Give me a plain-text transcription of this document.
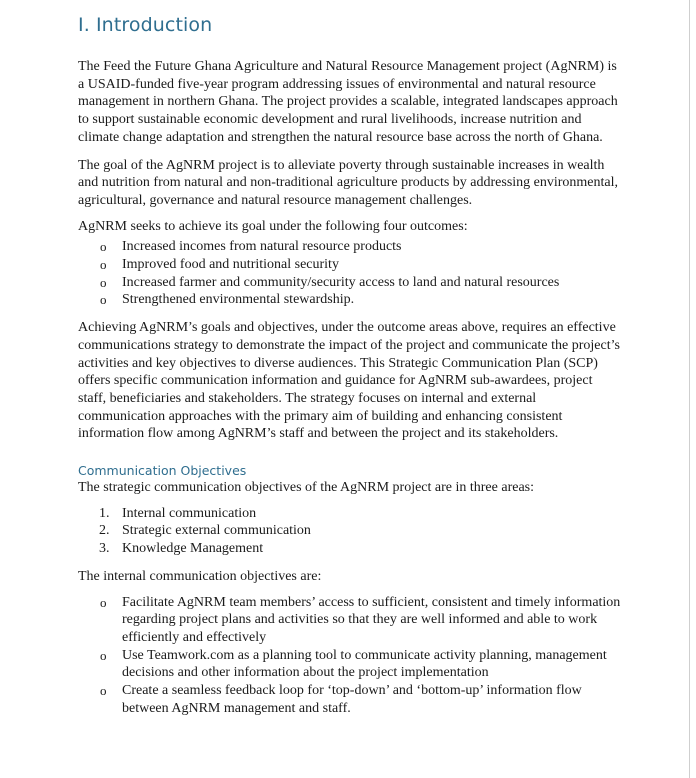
I. Introduction

The Feed the Future Ghana Agriculture and Natural Resource Management project (AgNRM) is a USAID-funded five-year program addressing issues of environmental and natural resource management in northern Ghana. The project provides a scalable, integrated landscapes approach to support sustainable economic development and rural livelihoods, increase nutrition and climate change adaptation and strengthen the natural resource base across the north of Ghana.

The goal of the AgNRM project is to alleviate poverty through sustainable increases in wealth and nutrition from natural and non-traditional agriculture products by addressing environmental, agricultural, governance and natural resource management challenges.

AgNRM seeks to achieve its goal under the following four outcomes:

o Increased incomes from natural resource products
o Improved food and nutritional security
o Increased farmer and community/security access to land and natural resources
o Strengthened environmental stewardship.

Achieving AgNRM’s goals and objectives, under the outcome areas above, requires an effective communications strategy to demonstrate the impact of the project and communicate the project’s activities and key objectives to diverse audiences. This Strategic Communication Plan (SCP) offers specific communication information and guidance for AgNRM sub-awardees, project staff, beneficiaries and stakeholders. The strategy focuses on internal and external communication approaches with the primary aim of building and enhancing consistent information flow among AgNRM’s staff and between the project and its stakeholders.

Communication Objectives

The strategic communication objectives of the AgNRM project are in three areas:

1. Internal communication
2. Strategic external communication
3. Knowledge Management

The internal communication objectives are:

o Facilitate AgNRM team members’ access to sufficient, consistent and timely information regarding project plans and activities so that they are well informed and able to work efficiently and effectively
o Use Teamwork.com as a planning tool to communicate activity planning, management decisions and other information about the project implementation
o Create a seamless feedback loop for ‘top-down’ and ‘bottom-up’ information flow between AgNRM management and staff.
